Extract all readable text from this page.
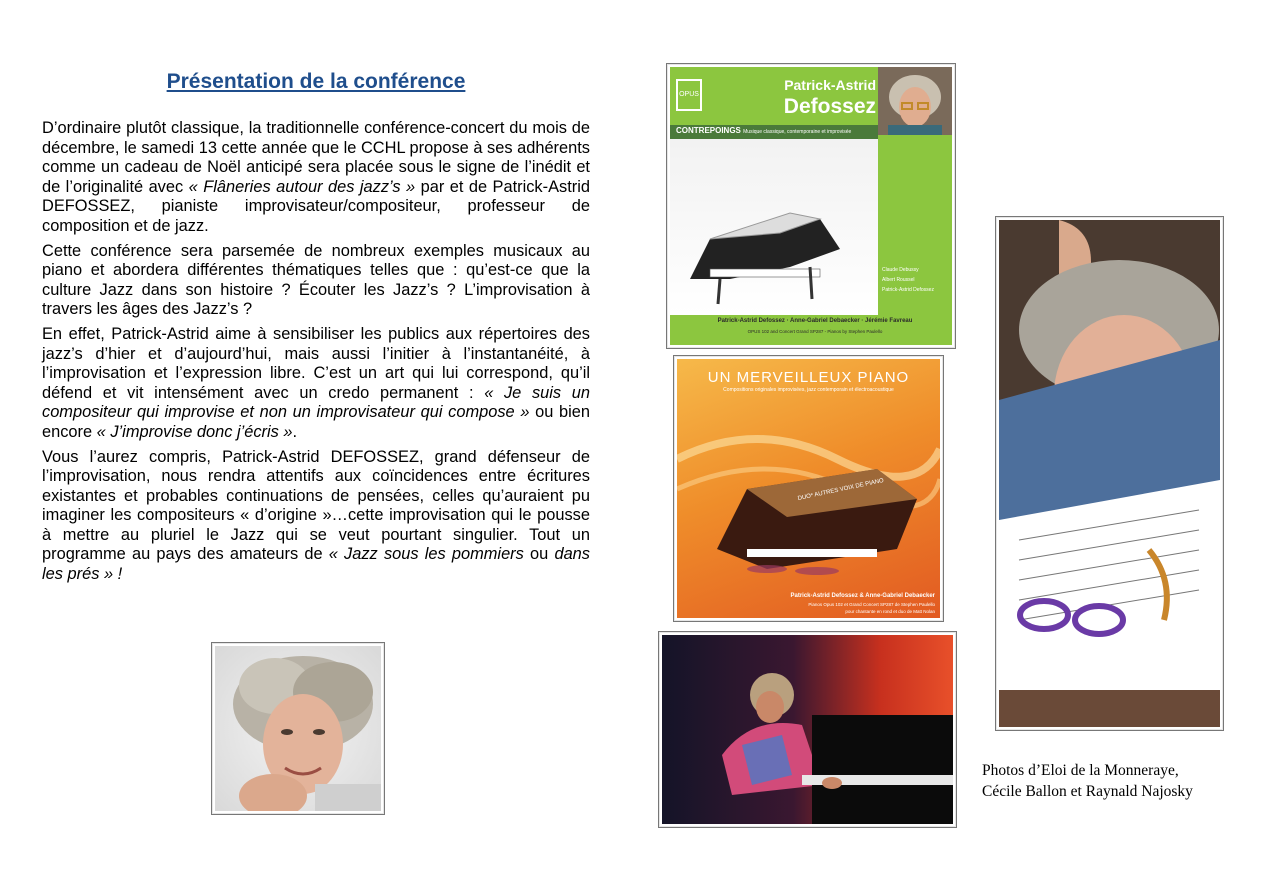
Présentation de la conférence

D’ordinaire plutôt classique, la traditionnelle conférence-concert du mois de décembre, le samedi 13 cette année que le CCHL propose à ses adhérents comme un cadeau de Noël anticipé sera placée sous le signe de l’inédit et de l’originalité avec « Flâneries autour des jazz’s » par et de Patrick-Astrid DEFOSSEZ, pianiste improvisateur/compositeur, professeur de composition et de jazz.

Cette conférence sera parsemée de nombreux exemples musicaux au piano et abordera différentes thématiques telles que : qu’est-ce que la culture Jazz dans son histoire ? Écouter les Jazz’s ? L’improvisation à travers les âges des Jazz’s ?

En effet, Patrick-Astrid aime à sensibiliser les publics aux répertoires des jazz’s d’hier et d’aujourd’hui, mais aussi l’initier à l’instantanéité, à l’improvisation et l’expression libre. C’est un art qui lui correspond, qu’il défend et vit intensément avec un credo permanent : « Je suis un compositeur qui improvise et non un improvisateur qui compose » ou bien encore « J’improvise donc j’écris ».

Vous l’aurez compris, Patrick-Astrid DEFOSSEZ, grand défenseur de l’improvisation, nous rendra attentifs aux coïncidences entre écritures existantes et probables continuations de pensées, celles qu’auraient pu imaginer les compositeurs « d’origine »…cette improvisation qui le pousse à mettre au pluriel le Jazz qui se veut pourtant singulier. Tout un programme au pays des amateurs de « Jazz sous les pommiers ou dans les prés » !

OPUS
Patrick-Astrid
Defossez
CONTREPOINGS Musique classique, contemporaine et improvisée
Claude Debussy
Albert Roussel
Patrick-Astrid Defossez
Patrick-Astrid Defossez · Anne-Gabriel Debaecker · Jérémie Favreau
OPUS 102 and Concert Grand SP287 - Pianos by Stephen Paulello
UN MERVEILLEUX PIANO
Compositions originales improvisées, jazz contemporain et électroacoustique
DUO* AUTRES VOIX DE PIANO
Patrick-Astrid Defossez & Anne-Gabriel Debaecker
Pianos Opus 102 et Grand Concert SP287 de Stephen Paulello
pour chantante en rond et duo de Matt Nolan
Photos d’Eloi de la Monneraye,
Cécile Ballon et Raynald Najosky
